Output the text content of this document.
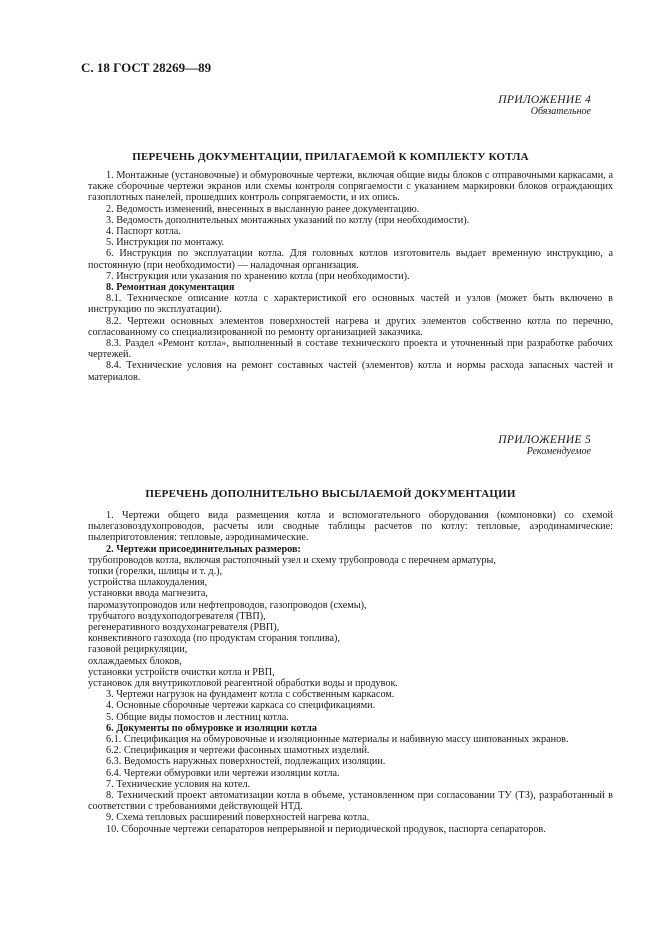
С. 18 ГОСТ 28269—89
ПРИЛОЖЕНИЕ 4
Обязательное
ПЕРЕЧЕНЬ ДОКУМЕНТАЦИИ, ПРИЛАГАЕМОЙ К КОМПЛЕКТУ КОТЛА

1. Монтажные (установочные) и обмуровочные чертежи, включая общие виды блоков с отправочными каркасами, а также сборочные чертежи экранов или схемы контроля сопрягаемости с указанием маркировки блоков ограждающих газоплотных панелей, прошедших контроль сопрягаемости, и их опись.

2. Ведомость изменений, внесенных в высланную ранее документацию.

3. Ведомость дополнительных монтажных указаний по котлу (при необходимости).

4. Паспорт котла.

5. Инструкция по монтажу.

6. Инструкция по эксплуатации котла. Для головных котлов изготовитель выдает временную инструкцию, а постоянную (при необходимости) — наладочная организация.

7. Инструкция или указания по хранению котла (при необходимости).

8. Ремонтная документация

8.1. Техническое описание котла с характеристикой его основных частей и узлов (может быть включено в инструкцию по эксплуатации).

8.2. Чертежи основных элементов поверхностей нагрева и других элементов собственно котла по перечню, согласованному со специализированной по ремонту организацией заказчика.

8.3. Раздел «Ремонт котла», выполненный в составе технического проекта и уточненный при разработке рабочих чертежей.

8.4. Технические условия на ремонт составных частей (элементов) котла и нормы расхода запасных частей и материалов.

ПРИЛОЖЕНИЕ 5
Рекомендуемое
ПЕРЕЧЕНЬ ДОПОЛНИТЕЛЬНО ВЫСЫЛАЕМОЙ ДОКУМЕНТАЦИИ

1. Чертежи общего вида размещения котла и вспомогательного оборудования (компоновки) со схемой пылегазовоздухопроводов, расчеты или сводные таблицы расчетов по котлу: тепловые, аэродинамические: пылеприготовления: тепловые, аэродинамические.

2. Чертежи присоединительных размеров:

трубопроводов котла, включая растопочный узел и схему трубопровода с перечнем арматуры,

топки (горелки, шлицы и т. д.),

устройства шлакоудаления,

установки ввода магнезита,

паромазутопроводов или нефтепроводов, газопроводов (схемы),

трубчатого воздухоподогревателя (ТВП),

регенеративного воздухонагревателя (РВП),

конвективного газохода (по продуктам сгорания топлива),

газовой рециркуляции,

охлаждаемых блоков,

установки устройств очистки котла и РВП,

установок для внутрикотловой реагентной обработки воды и продувок.

3. Чертежи нагрузок на фундамент котла с собственным каркасом.

4. Основные сборочные чертежи каркаса со спецификациями.

5. Общие виды помостов и лестниц котла.

6. Документы по обмуровке и изоляции котла

6.1. Спецификация на обмуровочные и изоляционные материалы и набивную массу шипованных экранов.

6.2. Спецификация и чертежи фасонных шамотных изделий.

6.3. Ведомость наружных поверхностей, подлежащих изоляции.

6.4. Чертежи обмуровки или чертежи изоляции котла.

7. Технические условия на котел.

8. Технический проект автоматизации котла в объеме, установленном при согласовании ТУ (ТЗ), разработанный в соответствии с требованиями действующей НТД.

9. Схема тепловых расширений поверхностей нагрева котла.

10. Сборочные чертежи сепараторов непрерывной и периодической продувок, паспорта сепараторов.
